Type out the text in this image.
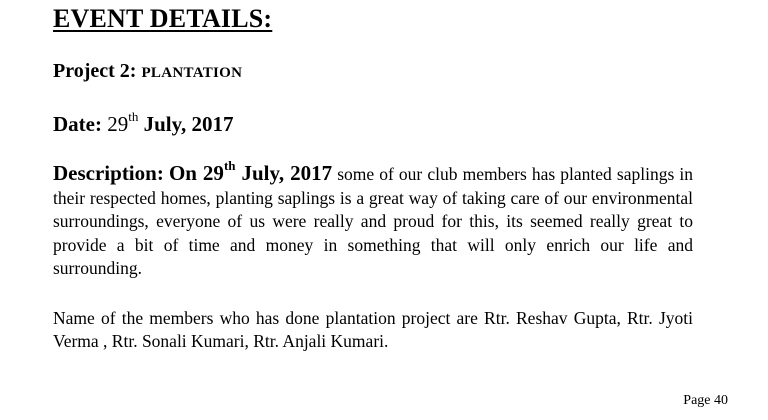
EVENT DETAILS:
Project 2: PLANTATION
Date: 29th July, 2017
Description: On 29th July, 2017 some of our club members has planted saplings in their respected homes, planting saplings is a great way of taking care of our environmental surroundings, everyone of us were really and proud for this, its seemed really great to provide a bit of time and money in something that will only enrich our life and surrounding.
Name of the members who has done plantation project are Rtr. Reshav Gupta, Rtr. Jyoti Verma , Rtr. Sonali Kumari, Rtr. Anjali Kumari.
Page 40
